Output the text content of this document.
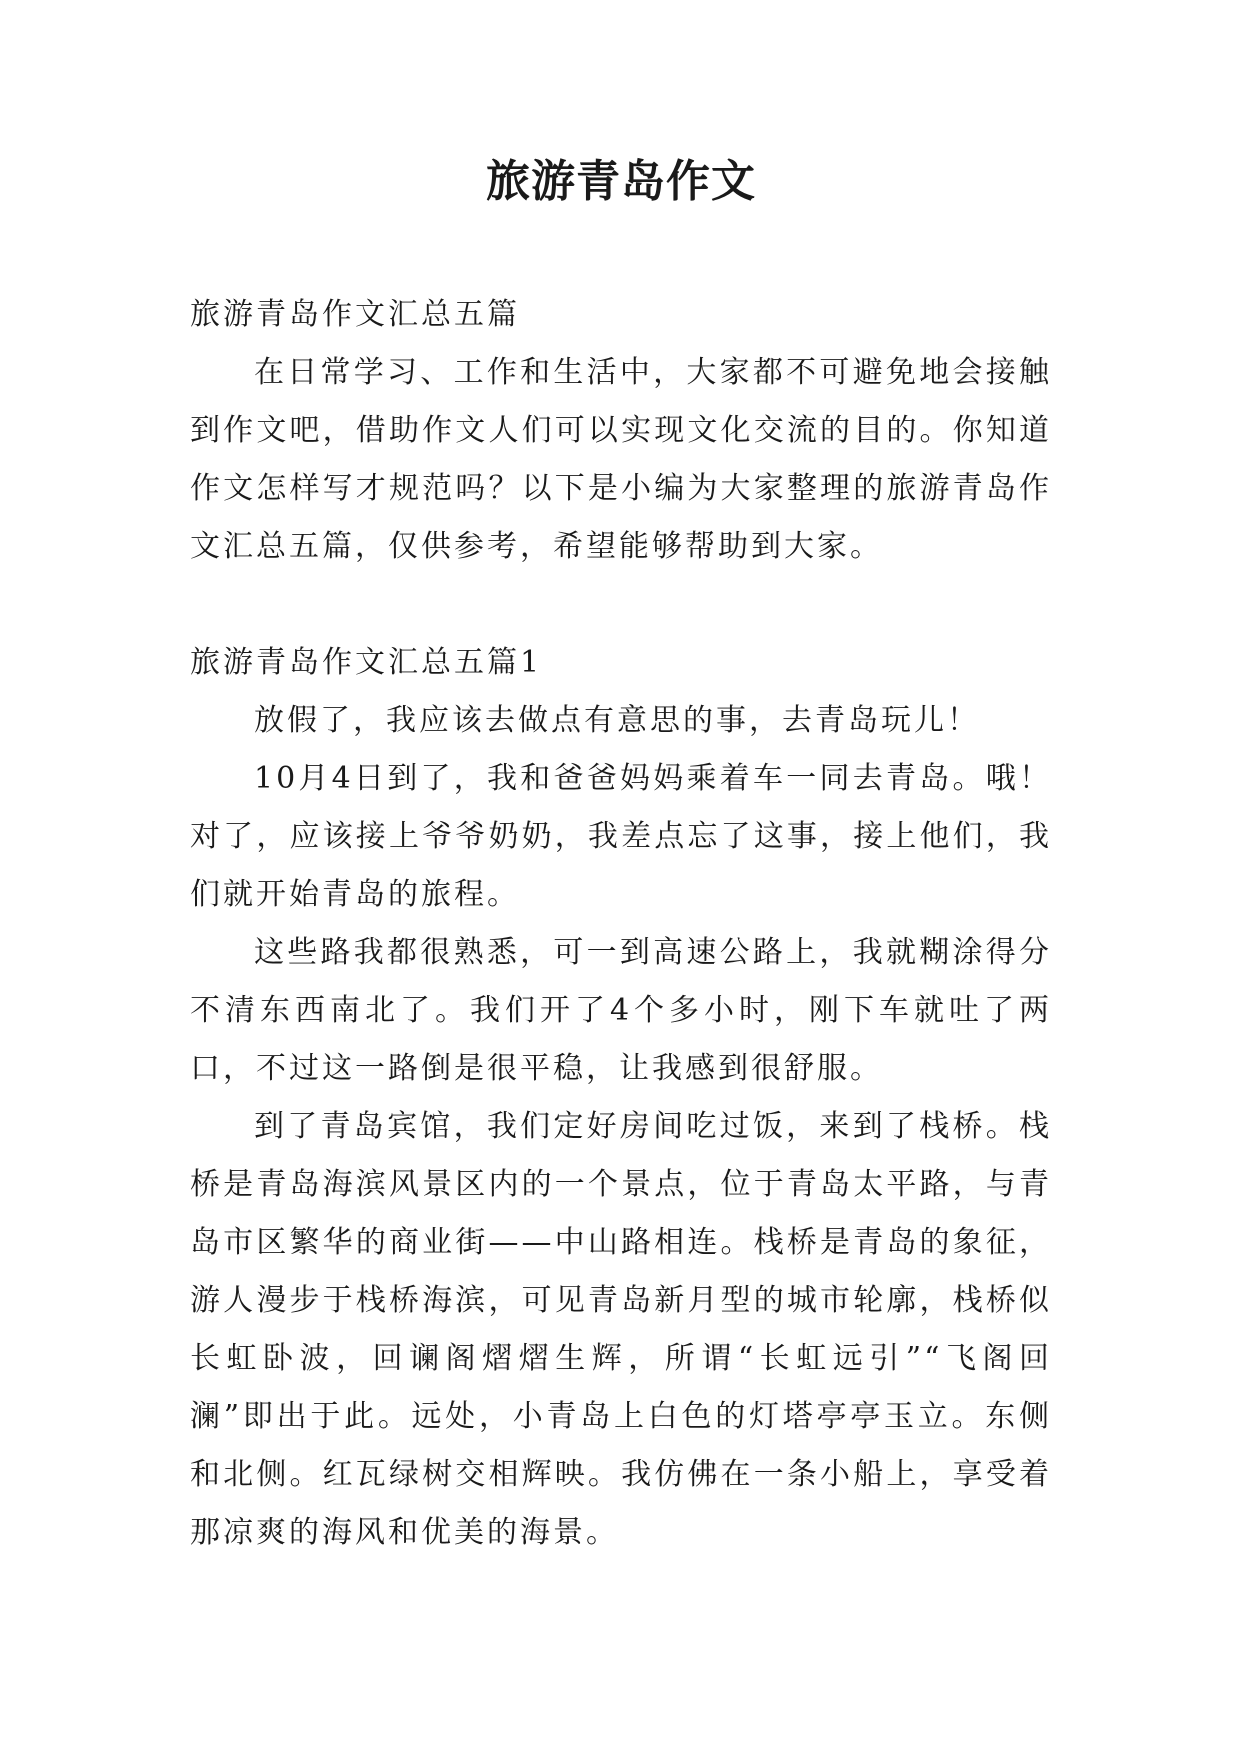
旅游青岛作文

旅游青岛作文汇总五篇

在日常学习、工作和生活中，大家都不可避免地会接触到作文吧，借助作文人们可以实现文化交流的目的。你知道作文怎样写才规范吗？以下是小编为大家整理的旅游青岛作文汇总五篇，仅供参考，希望能够帮助到大家。

旅游青岛作文汇总五篇1

放假了，我应该去做点有意思的事，去青岛玩儿！

10月4日到了，我和爸爸妈妈乘着车一同去青岛。哦！对了，应该接上爷爷奶奶，我差点忘了这事，接上他们，我们就开始青岛的旅程。

这些路我都很熟悉，可一到高速公路上，我就糊涂得分不清东西南北了。我们开了4个多小时，刚下车就吐了两口，不过这一路倒是很平稳，让我感到很舒服。

到了青岛宾馆，我们定好房间吃过饭，来到了栈桥。栈桥是青岛海滨风景区内的一个景点，位于青岛太平路，与青岛市区繁华的商业街——中山路相连。栈桥是青岛的象征，游人漫步于栈桥海滨，可见青岛新月型的城市轮廓，栈桥似长虹卧波，回谰阁熠熠生辉，所谓“长虹远引”“飞阁回澜”即出于此。远处，小青岛上白色的灯塔亭亭玉立。东侧和北侧。红瓦绿树交相辉映。我仿佛在一条小船上，享受着那凉爽的海风和优美的海景。
